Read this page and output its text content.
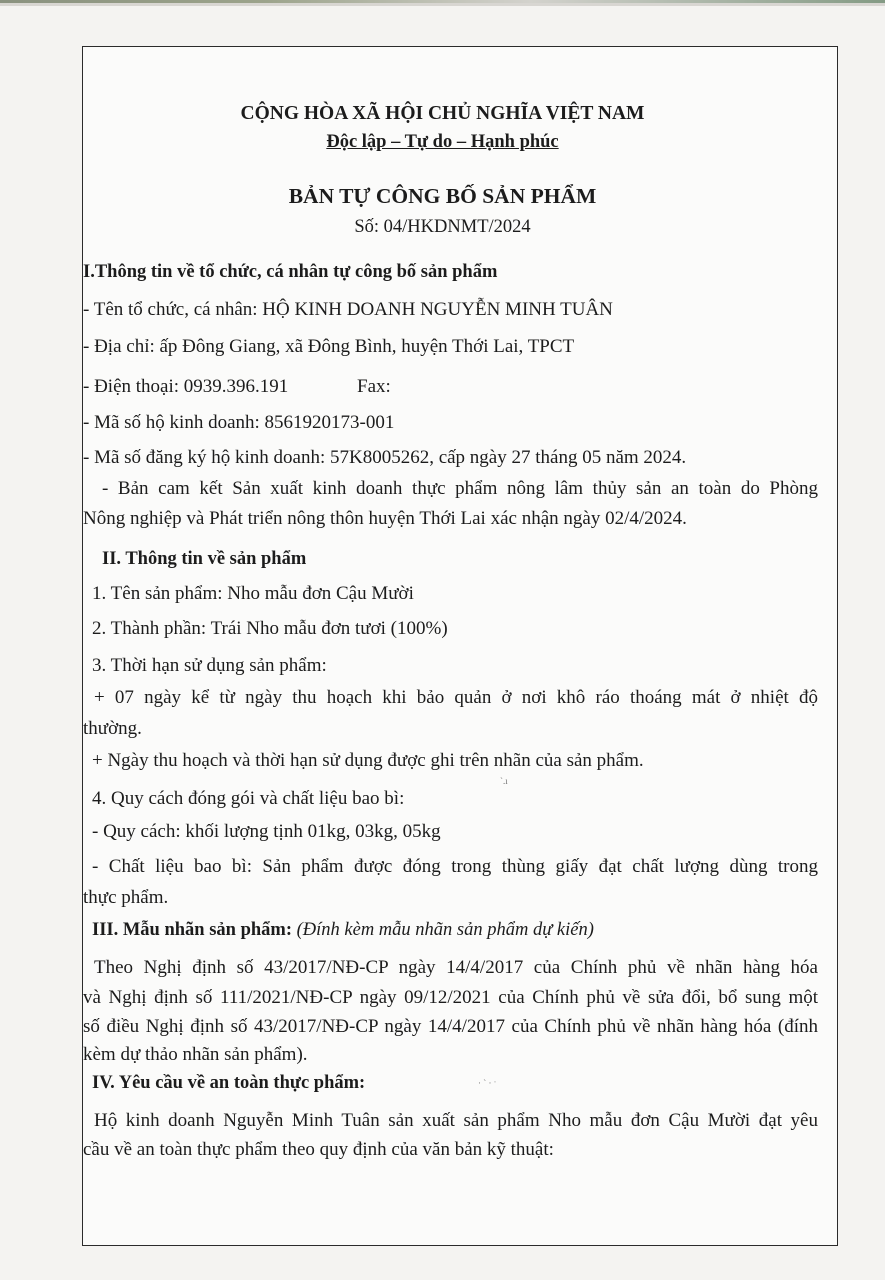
CỘNG HÒA XÃ HỘI CHỦ NGHĨA VIỆT NAM
Độc lập – Tự do – Hạnh phúc
BẢN TỰ CÔNG BỐ SẢN PHẨM
Số: 04/HKDNMT/2024
I.Thông tin về tổ chức, cá nhân tự công bố sản phẩm
- Tên tổ chức, cá nhân: HỘ KINH DOANH NGUYỄN MINH TUÂN
- Địa chỉ: ấp Đông Giang, xã Đông Bình, huyện Thới Lai, TPCT
- Điện thoại: 0939.396.191	Fax:
- Mã số hộ kinh doanh: 8561920173-001
- Mã số đăng ký hộ kinh doanh: 57K8005262, cấp ngày 27 tháng 05 năm 2024.
- Bản cam kết Sản xuất kinh doanh thực phẩm nông lâm thủy sản an toàn do Phòng
Nông nghiệp và Phát triển nông thôn huyện Thới Lai xác nhận ngày 02/4/2024.
II. Thông tin về sản phẩm
1. Tên sản phẩm: Nho mẫu đơn Cậu Mười
2. Thành phần: Trái Nho mẫu đơn tươi (100%)
3. Thời hạn sử dụng sản phẩm:
+ 07 ngày kể từ ngày thu hoạch khi bảo quản ở nơi khô ráo thoáng mát ở nhiệt độ
thường.
+ Ngày thu hoạch và thời hạn sử dụng được ghi trên nhãn của sản phẩm.
ˋ.ı
4. Quy cách đóng gói và chất liệu bao bì:
- Quy cách: khối lượng tịnh 01kg, 03kg, 05kg
- Chất liệu bao bì: Sản phẩm được đóng trong thùng giấy đạt chất lượng dùng trong
thực phẩm.
III. Mẫu nhãn sản phẩm: (Đính kèm mẫu nhãn sản phẩm dự kiến)
Theo Nghị định số 43/2017/NĐ-CP ngày 14/4/2017 của Chính phủ về nhãn hàng hóa
và Nghị định số 111/2021/NĐ-CP ngày 09/12/2021 của Chính phủ về sửa đổi, bổ sung một
số điều Nghị định số 43/2017/NĐ-CP ngày 14/4/2017 của Chính phủ về nhãn hàng hóa (đính
kèm dự thảo nhãn sản phẩm).
IV. Yêu cầu về an toàn thực phẩm:	· ˋ · ˑ
Hộ kinh doanh Nguyễn Minh Tuân sản xuất sản phẩm Nho mẫu đơn Cậu Mười đạt yêu
cầu về an toàn thực phẩm theo quy định của văn bản kỹ thuật:
